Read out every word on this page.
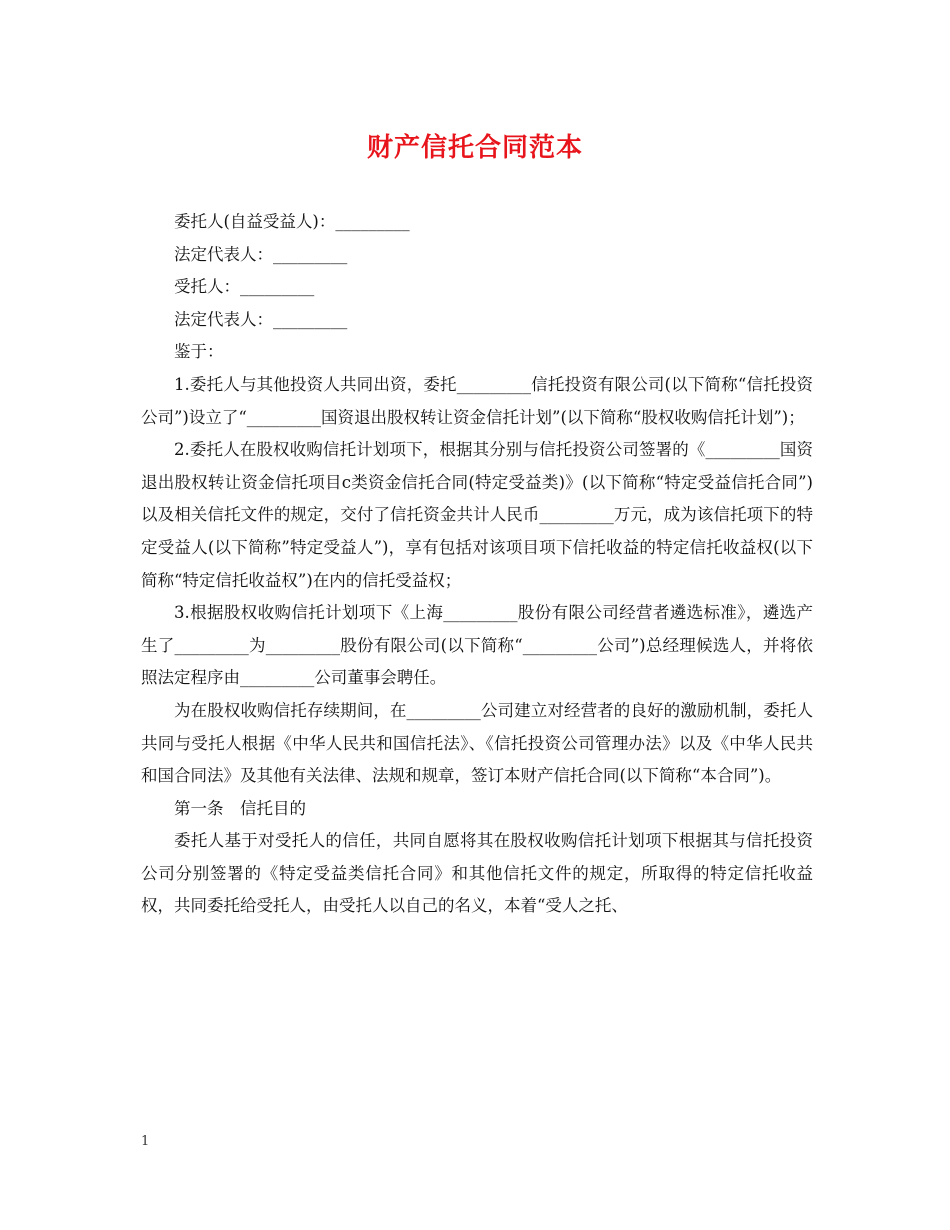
财产信托合同范本

委托人(自益受益人)：_________

法定代表人：_________

受托人：_________

法定代表人：_________

鉴于：

1.委托人与其他投资人共同出资，委托_________信托投资有限公司(以下简称“信托投资公司”)设立了“_________国资退出股权转让资金信托计划”(以下简称“股权收购信托计划”)；

2.委托人在股权收购信托计划项下，根据其分别与信托投资公司签署的《_________国资退出股权转让资金信托项目c类资金信托合同(特定受益类)》(以下简称“特定受益信托合同”)以及相关信托文件的规定，交付了信托资金共计人民币_________万元，成为该信托项下的特定受益人(以下简称”特定受益人”)，享有包括对该项目项下信托收益的特定信托收益权(以下简称“特定信托收益权”)在内的信托受益权；

3.根据股权收购信托计划项下《上海_________股份有限公司经营者遴选标准》，遴选产生了_________为_________股份有限公司(以下简称“_________公司”)总经理候选人，并将依照法定程序由_________公司董事会聘任。

为在股权收购信托存续期间，在_________公司建立对经营者的良好的激励机制，委托人共同与受托人根据《中华人民共和国信托法》、《信托投资公司管理办法》以及《中华人民共和国合同法》及其他有关法律、法规和规章，签订本财产信托合同(以下简称“本合同”)。

第一条　信托目的

委托人基于对受托人的信任，共同自愿将其在股权收购信托计划项下根据其与信托投资公司分别签署的《特定受益类信托合同》和其他信托文件的规定，所取得的特定信托收益权，共同委托给受托人，由受托人以自己的名义，本着“受人之托、

1
